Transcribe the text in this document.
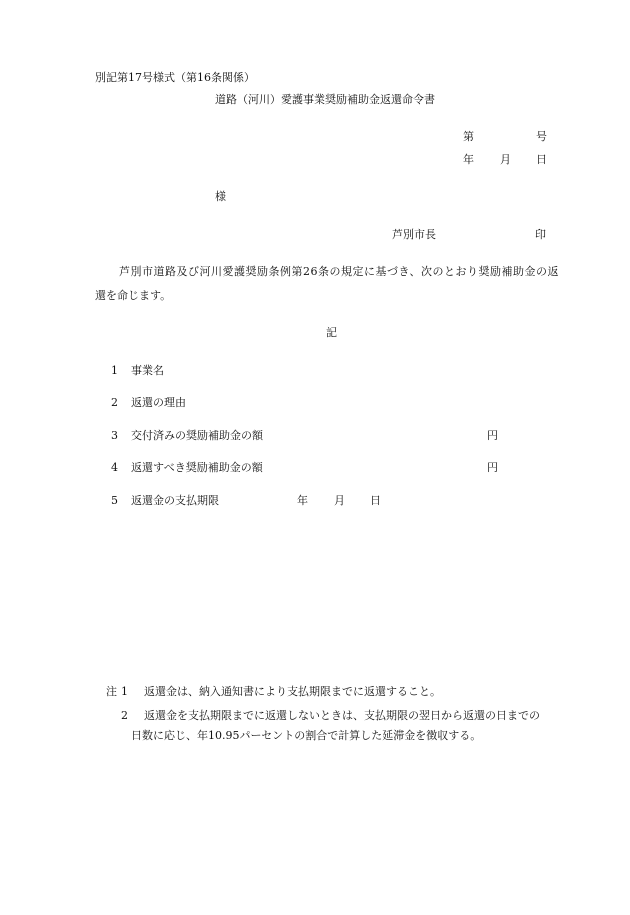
別記第17号様式（第16条関係）
道路（河川）愛護事業奨励補助金返還命令書
第	号
年 月 日
様
芦別市長	印
芦別市道路及び河川愛護奨励条例第26条の規定に基づき、次のとおり奨励補助金の返
還を命じます。
記
1 事業名
2 返還の理由
3 交付済みの奨励補助金の額	円
4 返還すべき奨励補助金の額	円
5 返還金の支払期限	年 月 日
注 1 返還金は、納入通知書により支払期限までに返還すること。
2 返還金を支払期限までに返還しないときは、支払期限の翌日から返還の日までの
日数に応じ、年10.95パーセントの割合で計算した延滞金を徴収する。
